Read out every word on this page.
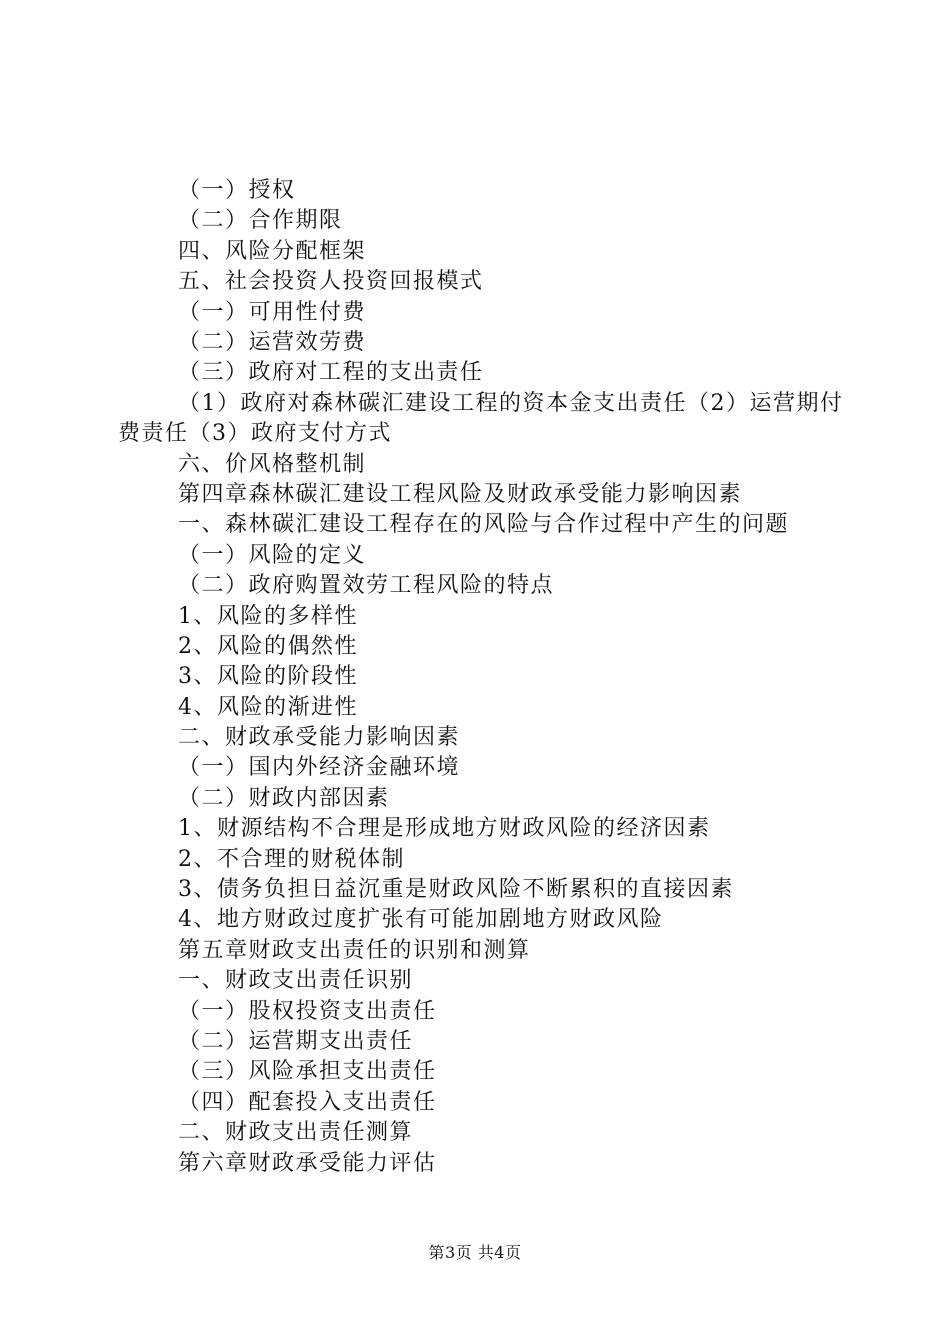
（一）授权
（二）合作期限
四、风险分配框架
五、社会投资人投资回报模式
（一）可用性付费
（二）运营效劳费
（三）政府对工程的支出责任
（1）政府对森林碳汇建设工程的资本金支出责任（2）运营期付费责任（3）政府支付方式
六、价风格整机制
第四章森林碳汇建设工程风险及财政承受能力影响因素
一、森林碳汇建设工程存在的风险与合作过程中产生的问题
（一）风险的定义
（二）政府购置效劳工程风险的特点
1、风险的多样性
2、风险的偶然性
3、风险的阶段性
4、风险的渐进性
二、财政承受能力影响因素
（一）国内外经济金融环境
（二）财政内部因素
1、财源结构不合理是形成地方财政风险的经济因素
2、不合理的财税体制
3、债务负担日益沉重是财政风险不断累积的直接因素
4、地方财政过度扩张有可能加剧地方财政风险
第五章财政支出责任的识别和测算
一、财政支出责任识别
（一）股权投资支出责任
（二）运营期支出责任
（三）风险承担支出责任
（四）配套投入支出责任
二、财政支出责任测算
第六章财政承受能力评估
第3页 共4页
